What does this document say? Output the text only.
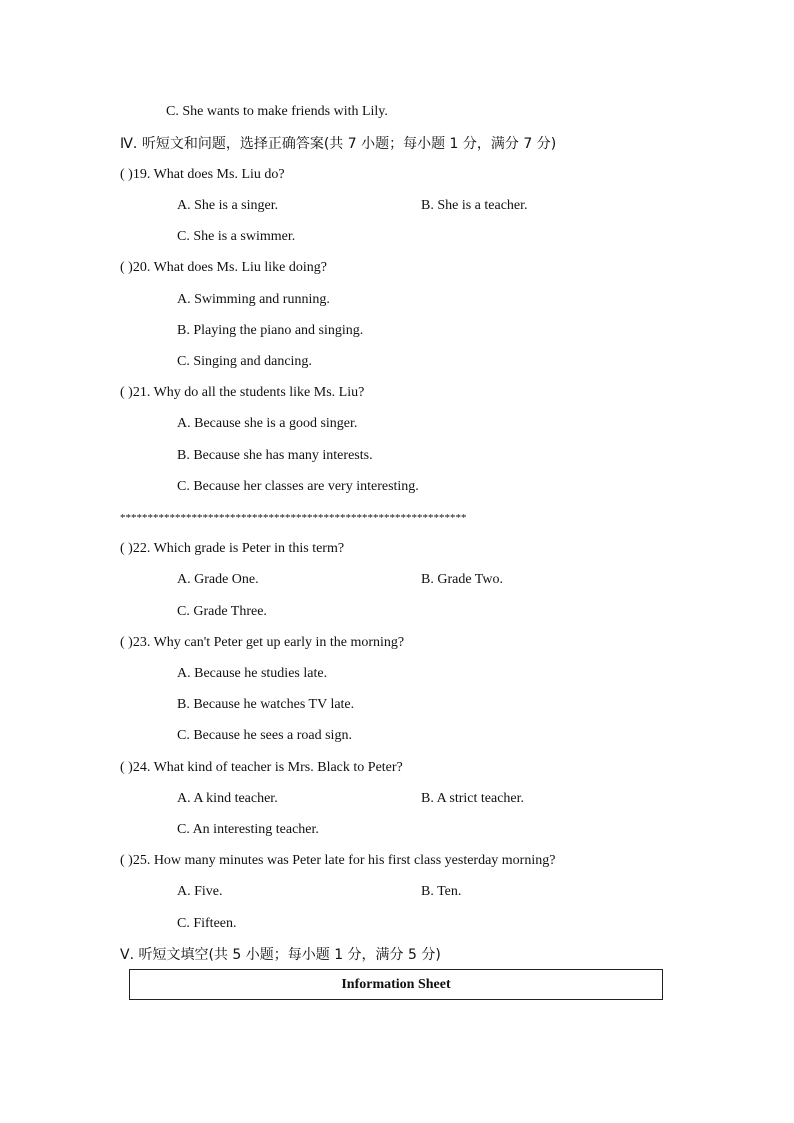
C. She wants to make friends with Lily.
Ⅳ. 听短文和问题，选择正确答案(共 7 小题；每小题 1 分，满分 7 分)
( )19. What does Ms. Liu do?
A. She is a singer.	B. She is a teacher.
C. She is a swimmer.
( )20. What does Ms. Liu like doing?
A. Swimming and running.
B. Playing the piano and singing.
C. Singing and dancing.
( )21. Why do all the students like Ms. Liu?
A. Because she is a good singer.
B. Because she has many interests.
C. Because her classes are very interesting.
***************************************************************
( )22. Which grade is Peter in this term?
A. Grade One.	B. Grade Two.
C. Grade Three.
( )23. Why can't Peter get up early in the morning?
A. Because he studies late.
B. Because he watches TV late.
C. Because he sees a road sign.
( )24. What kind of teacher is Mrs. Black to Peter?
A. A kind teacher.	B. A strict teacher.
C. An interesting teacher.
( )25. How many minutes was Peter late for his first class yesterday morning?
A. Five.	B. Ten.
C. Fifteen.
Ⅴ. 听短文填空(共 5 小题；每小题 1 分，满分 5 分)
Information Sheet
